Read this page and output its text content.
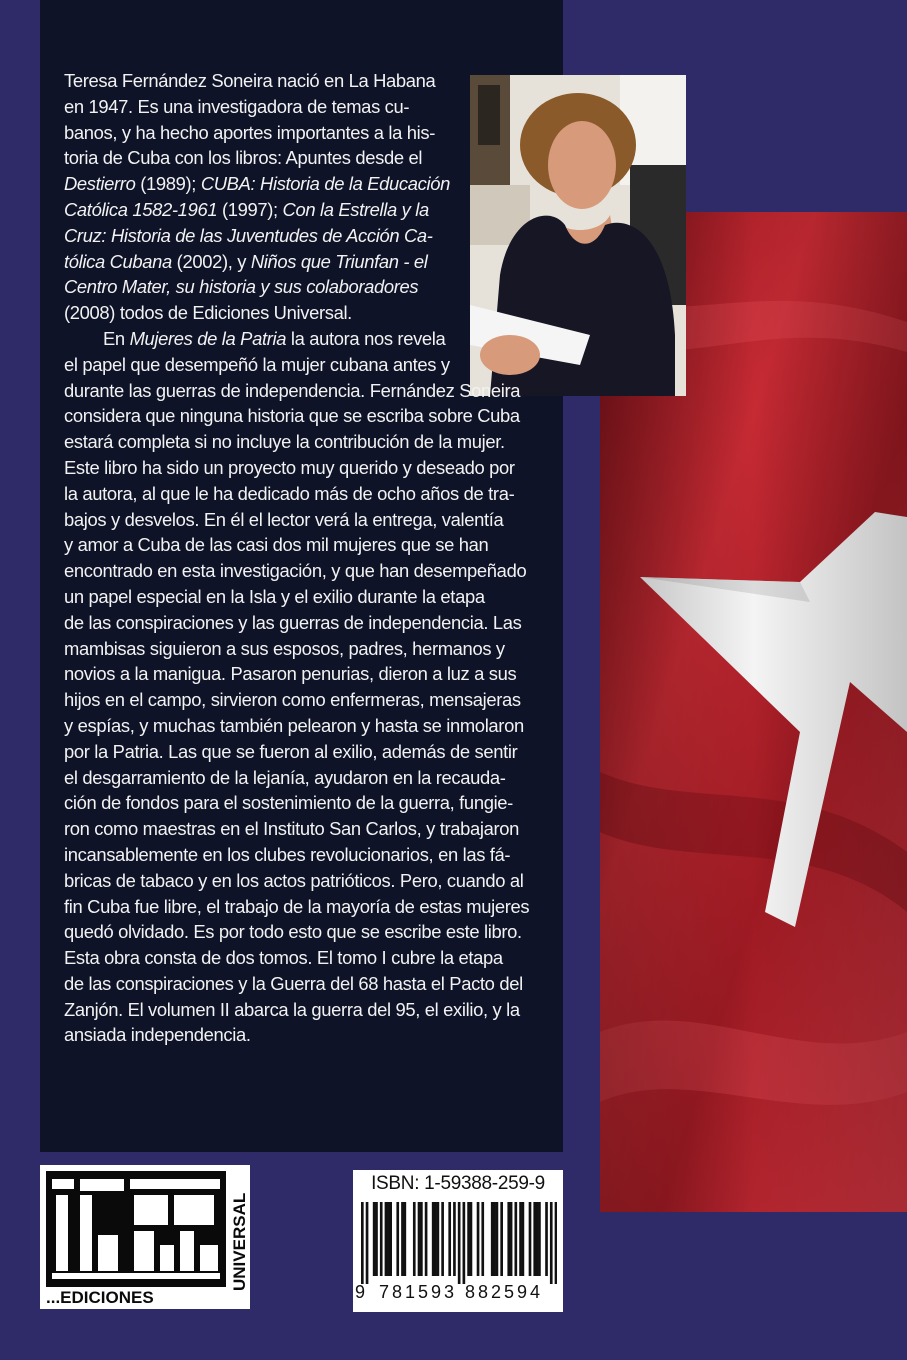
Teresa Fernández Soneira nació en La Habana
en 1947. Es una investigadora de temas cu-
banos, y ha hecho aportes importantes a la his-
toria de Cuba con los libros: Apuntes desde el
Destierro (1989); CUBA: Historia de la Educación
Católica 1582-1961 (1997); Con la Estrella y la
Cruz: Historia de las Juventudes de Acción Ca-
tólica Cubana (2002), y Niños que Triunfan - el
Centro Mater, su historia y sus colaboradores
(2008) todos de Ediciones Universal.

En Mujeres de la Patria la autora nos revela
el papel que desempeñó la mujer cubana antes y
durante las guerras de independencia. Fernández Soneira
considera que ninguna historia que se escriba sobre Cuba
estará completa si no incluye la contribución de la mujer.
Este libro ha sido un proyecto muy querido y deseado por
la autora, al que le ha dedicado más de ocho años de tra-
bajos y desvelos. En él el lector verá la entrega, valentía
y amor a Cuba de las casi dos mil mujeres que se han
encontrado en esta investigación, y que han desempeñado
un papel especial en la Isla y el exilio durante la etapa
de las conspiraciones y las guerras de independencia. Las
mambisas siguieron a sus esposos, padres, hermanos y
novios a la manigua. Pasaron penurias, dieron a luz a sus
hijos en el campo, sirvieron como enfermeras, mensajeras
y espías, y muchas también pelearon y hasta se inmolaron
por la Patria. Las que se fueron al exilio, además de sentir
el desgarramiento de la lejanía, ayudaron en la recauda-
ción de fondos para el sostenimiento de la guerra, fungie-
ron como maestras en el Instituto San Carlos, y trabajaron
incansablemente en los clubes revolucionarios, en las fá-
bricas de tabaco y en los actos patrióticos. Pero, cuando al
fin Cuba fue libre, el trabajo de la mayoría de estas mujeres
quedó olvidado. Es por todo esto que se escribe este libro.
Esta obra consta de dos tomos. El tomo I cubre la etapa
de las conspiraciones y la Guerra del 68 hasta el Pacto del
Zanjón. El volumen II abarca la guerra del 95, el exilio, y la
ansiada independencia.

...EDICIONES
UNIVERSAL
ISBN: 1-59388-259-9
9 781593 882594
